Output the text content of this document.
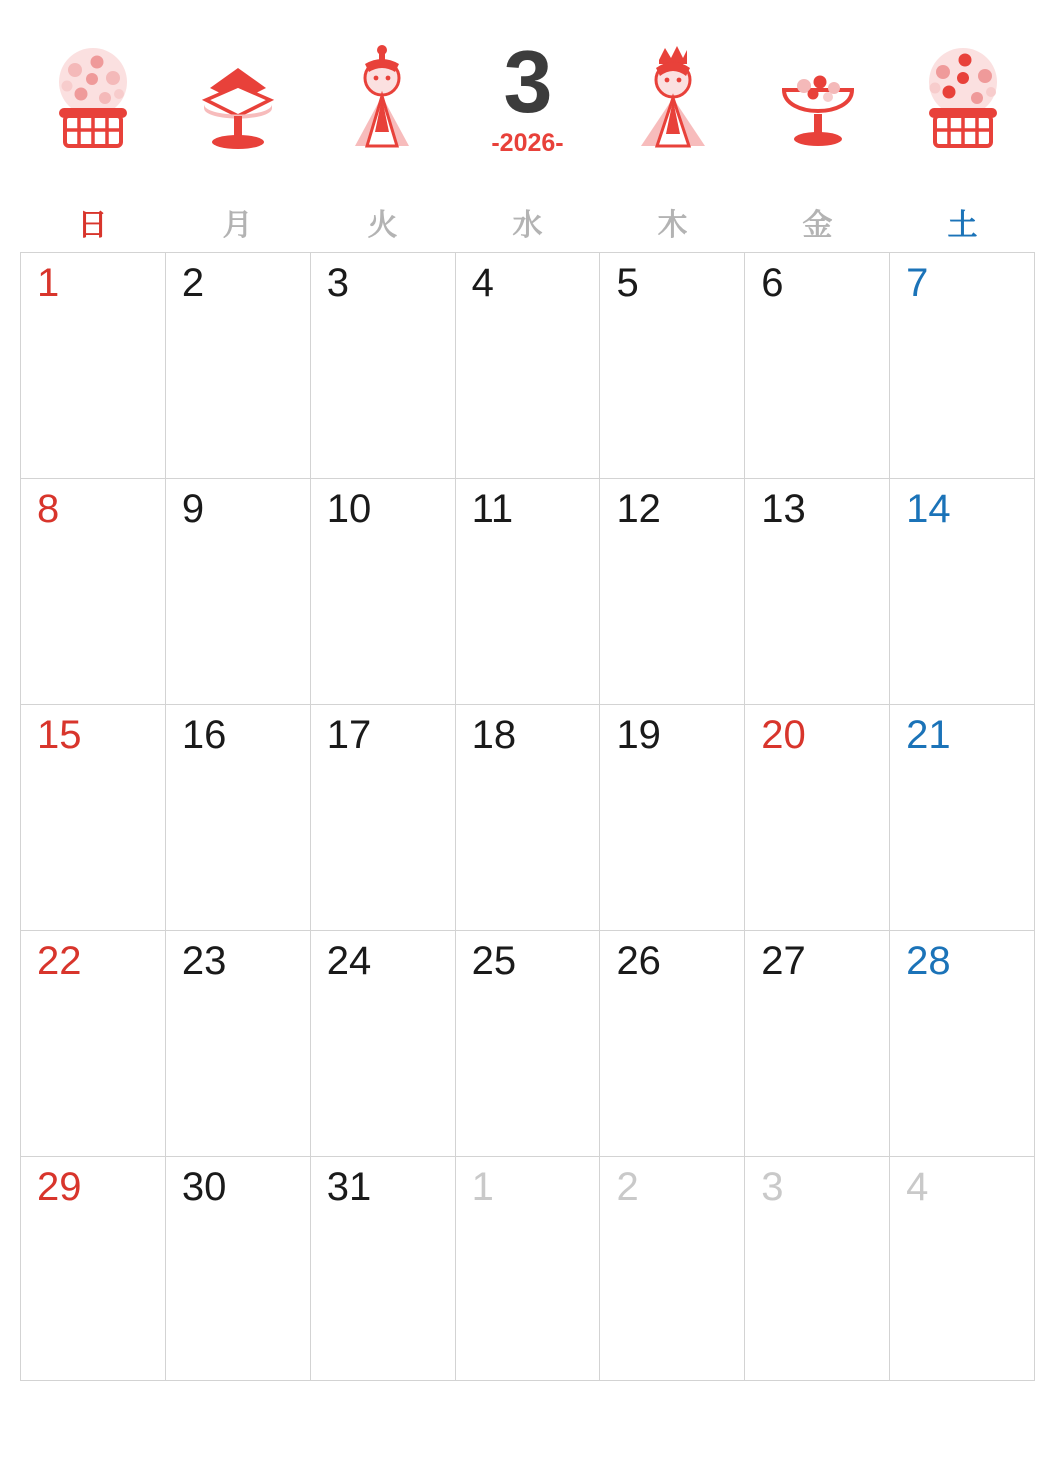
3
-2026-
日	月	火	水	木	金	土
1	2	3	4	5	6	7
8	9	10	11	12	13	14
15	16	17	18	19	20	21
22	23	24	25	26	27	28
29	30	31	1	2	3	4
